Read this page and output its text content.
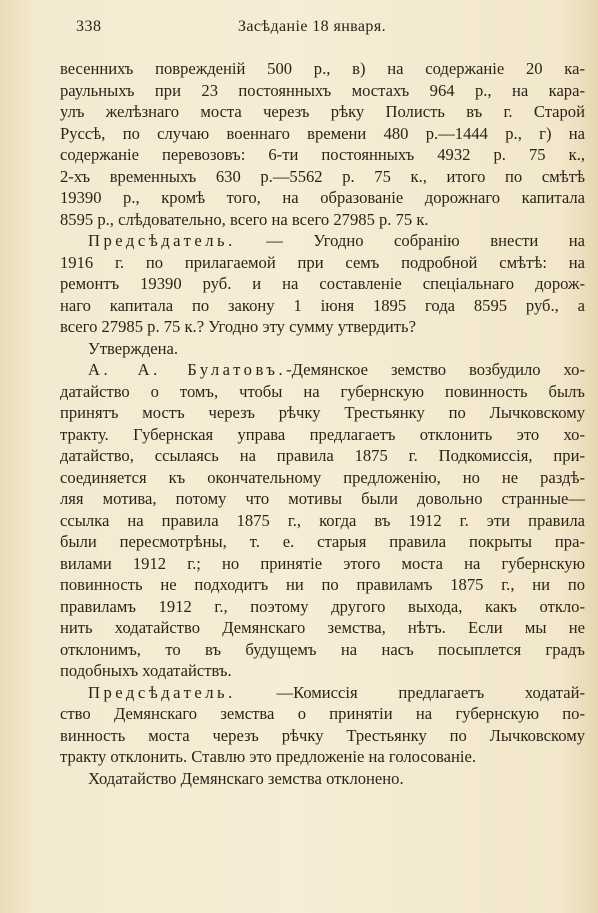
338	Засѣданіе 18 января.

весеннихъ повреждeній 500 р., в) на содержаніе 20 ка-
раульныхъ при 23 постоянныхъ мостахъ 964 р., на кара-
улъ желѣзнаго моста черезъ рѣку Полисть въ г. Старой
Руссѣ, по случаю военнаго времени 480 р.—1444 р., г) на
содержаніе перевозовъ: 6-ти постоянныхъ 4932 р. 75 к.,
2-хъ временныхъ 630 р.—5562 р. 75 к., итого по смѣтѣ
19390 р., кромѣ того, на образованіе дорожнаго капитала
8595 р., слѣдовательно, всего на всего 27985 р. 75 к.

Предсѣдатель. — Угодно собранію внести на
1916 г. по прилагаемой при семъ подробной смѣтѣ: на
ремонтъ 19390 руб. и на составленіе спеціальнаго дорож-
наго капитала по закону 1 іюня 1895 года 8595 руб., а
всего 27985 р. 75 к.? Угодно эту сумму утвердить?

Утверждена.

А. А. Булатовъ.-Демянское земство возбудило хо-
датайство о томъ, чтобы на губернскую повинность былъ
принятъ мостъ черезъ рѣчку Трестьянку по Лычковскому
тракту. Губернская управа предлагаетъ отклонить это хо-
датайство, ссылаясь на правила 1875 г. Подкомиссія, при-
соединяется къ окончательному предложенію, но не раздѣ-
ляя мотива, потому что мотивы были довольно странные—
ссылка на правила 1875 г., когда въ 1912 г. эти правила
были пересмотрѣны, т. е. старыя правила покрыты пра-
вилами 1912 г.; но принятіе этого моста на губернскую
повинность не подходитъ ни по правиламъ 1875 г., ни по
правиламъ 1912 г., поэтому другого выхода, какъ откло-
нить ходатайство Демянскаго земства, нѣтъ. Если мы не
отклонимъ, то въ будущемъ на насъ посыплется градъ
подобныхъ ходатайствъ.

Предсѣдатель. —Комиссія предлагаетъ ходатай-
ство Демянскаго земства о принятіи на губернскую по-
винность моста черезъ рѣчку Трестьянку по Лычковскому
тракту отклонить. Ставлю это предложеніе на голосованіе.

Ходатайство Демянскаго земства отклонено.
